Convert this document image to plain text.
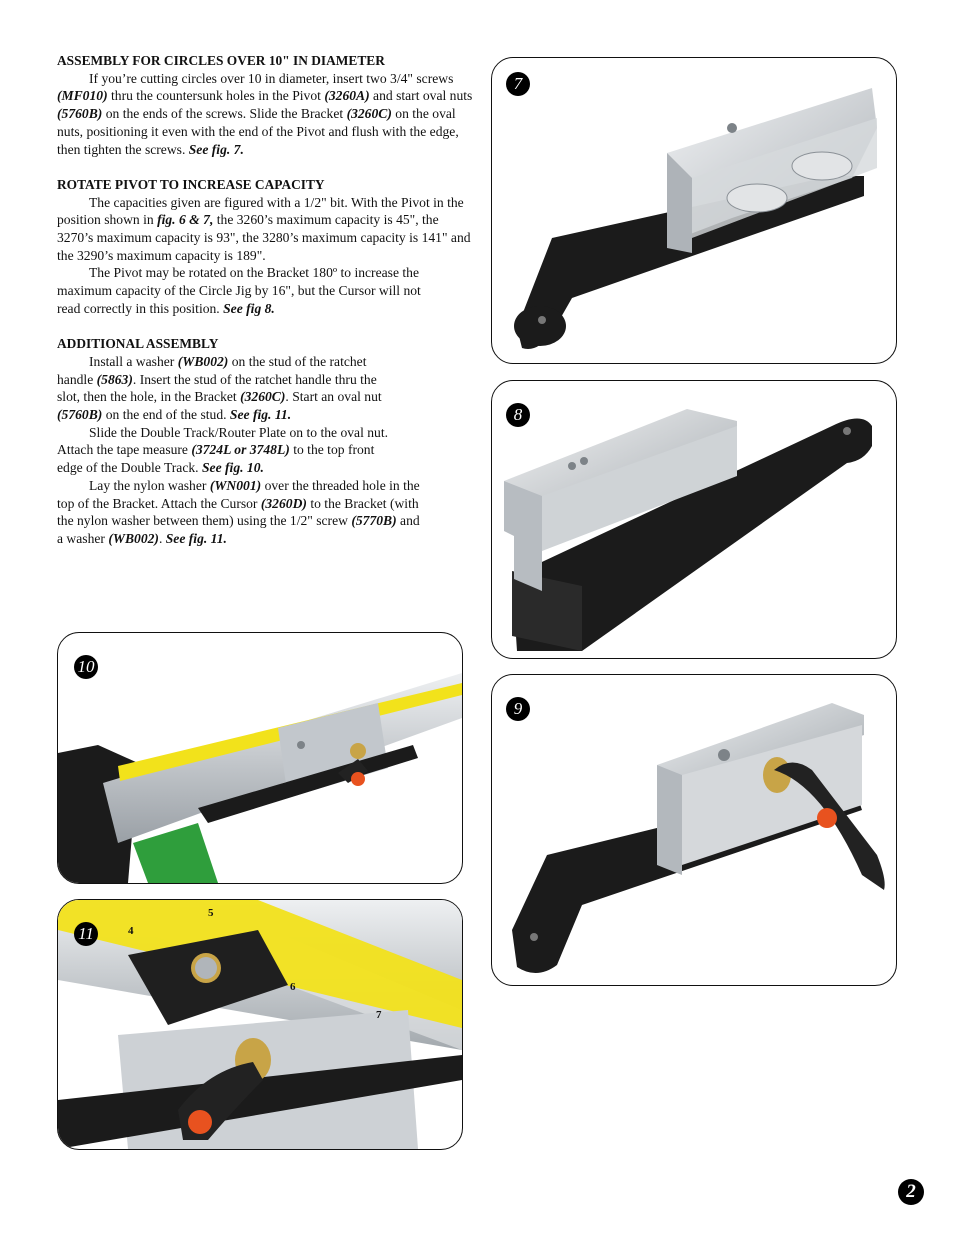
ASSEMBLY FOR CIRCLES OVER 10" IN DIAMETER

If you’re cutting circles over 10 in diameter, insert two 3/4" screws (MF010) thru the countersunk holes in the Pivot (3260A) and start oval nuts (5760B) on the ends of the screws. Slide the Bracket (3260C) on the oval nuts, positioning it even with the end of the Pivot and flush with the edge, then tighten the screws. See fig. 7.

ROTATE PIVOT TO INCREASE CAPACITY

The capacities given are figured with a 1/2" bit. With the Pivot in the position shown in fig. 6 & 7, the 3260’s maximum capacity is 45", the 3270’s maximum capacity is 93", the 3280’s maximum capacity is 141" and the 3290’s maximum capacity is 189".

The Pivot may be rotated on the Bracket 180º to increase the maximum capacity of the Circle Jig by 16", but the Cursor will not read correctly in this position. See fig 8.

ADDITIONAL ASSEMBLY

Install a washer (WB002) on the stud of the ratchet handle (5863). Insert the stud of the ratchet handle thru the slot, then the hole, in the Bracket (3260C). Start an oval nut (5760B) on the end of the stud. See fig. 11.

Slide the Double Track/Router Plate on to the oval nut. Attach the tape measure (3724L or 3748L) to the top front edge of the Double Track. See fig. 10.

Lay the nylon washer (WN001) over the threaded hole in the top of the Bracket. Attach the Cursor (3260D) to the Bracket (with the nylon washer between them) using the 1/2" screw (5770B) and a washer (WB002). See fig. 11.

7
8
9
10
11	4
5
6
7
2
